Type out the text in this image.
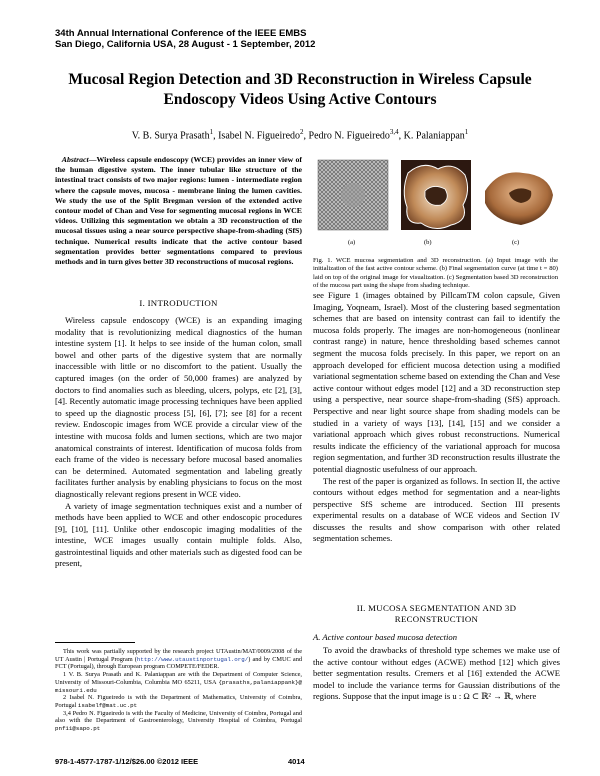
34th Annual International Conference of the IEEE EMBS
San Diego, California USA, 28 August - 1 September, 2012
Mucosal Region Detection and 3D Reconstruction in Wireless Capsule Endoscopy Videos Using Active Contours
V. B. Surya Prasath$^1$, Isabel N. Figueiredo$^2$, Pedro N. Figueiredo$^{3,4}$, K. Palaniappan$^1$
Abstract—Wireless capsule endoscopy (WCE) provides an inner view of the human digestive system. The inner tubular like structure of the intestinal tract consists of two major regions: lumen - intermediate region where the capsule moves, mucosa - membrane lining the lumen cavities. We study the use of the Split Bregman version of the extended active contour model of Chan and Vese for segmenting mucosal regions in WCE videos. Utilizing this segmentation we obtain a 3D reconstruction of the mucosal tissues using a near source perspective shape-from-shading (SfS) technique. Numerical results indicate that the active contour based segmentation provides better segmentations compared to previous methods and in turn gives better 3D reconstructions of mucosal regions.
I. INTRODUCTION

Wireless capsule endoscopy (WCE) is an expanding imaging modality that is revolutionizing medical diagnostics of the human intestine system [1]. It helps to see inside of the human colon, small bowel and other parts of the digestive system that are normally inaccessible with little or no discomfort to the patient. Usually the captured images (on the order of 50,000 frames) are analyzed by doctors to find anomalies such as bleeding, ulcers, polyps, etc [2], [3], [4]. Recently automatic image processing techniques have been applied to speed up the diagnostic process [5], [6], [7]; see [8] for a recent review. Endoscopic images from WCE provide a circular view of the intestine with mucosa folds and lumen sections, which are two major anatomical constraints of interest. Identification of mucosa folds from each frame of the video is necessary before mucosal based anomalies can be determined. Automated segmentation and labeling greatly facilitates further analysis by enabling physicians to focus on the most diagnostically relevant regions present in WCE video.

A variety of image segmentation techniques exist and a number of methods have been applied to WCE and other endoscopic procedures [9], [10], [11]. Unlike other endoscopic imaging modalities of the intestine, WCE images usually contain multiple folds. Also, gastrointestinal liquids and other materials such as digested food can be present,

This work was partially supported by the research project UTAustin/MAT/0009/2008 of the UT Austin | Portugal Program (http://www.utaustinportugal.org/) and by CMUC and FCT (Portugal), through European program COMPETE/FEDER.

1 V. B. Surya Prasath and K. Palaniappan are with the Department of Computer Science, University of Missouri-Columbia, Columbia MO 65211, USA {prasaths,palaniappank}@ missouri.edu

2 Isabel N. Figueiredo is with the Department of Mathematics, University of Coimbra, Portugal isabelf@mat.uc.pt

3,4 Pedro N. Figueiredo is with the Faculty of Medicine, University of Coimbra, Portugal and also with the Department of Gastroenterology, University Hospital of Coimbra, Portugal pnf11@sapo.pt

(a)	(b)	(c)
Fig. 1. WCE mucosa segmentation and 3D reconstruction. (a) Input image with the initialization of the fast active contour scheme. (b) Final segmentation curve (at time t = 80) laid on top of the original image for visualization. (c) Segmentation based 3D reconstruction of the mucosa part using the shape from shading technique.

see Figure 1 (images obtained by PillcamTM colon capsule, Given Imaging, Yoqneam, Israel). Most of the clustering based segmentation schemes that are based on intensity contrast can fail to identify the mucosa folds properly. The images are non-homogeneous (nonlinear contrast range) in nature, hence thresholding based schemes cannot segment the mucosa folds precisely. In this paper, we report on an approach developed for efficient mucosa detection using a modified variational segmentation scheme based on extending the Chan and Vese active contour without edges model [12] and a 3D reconstruction step using a perspective, near source shape-from-shading (SfS) approach. Perspective and near light source shape from shading models can be studied in a variety of ways [13], [14], [15] and we consider a variational approach which gives robust reconstructions. Numerical results indicate the efficiency of the variational approach for mucosa region segmentation, and further 3D reconstruction results illustrate the potential diagnostic usefulness of our approach.

The rest of the paper is organized as follows. In section II, the active contours without edges method for segmentation and a near-lights perspective SfS scheme are introduced. Section III presents experimental results on a database of WCE videos and Section IV discusses the results and show comparison with other related segmentation schemes.

II. MUCOSA SEGMENTATION AND 3D
RECONSTRUCTION
A. Active contour based mucosa detection

To avoid the drawbacks of threshold type schemes we make use of the active contour without edges (ACWE) method [12] which gives better segmentation results. Cremers et al [16] extended the ACWE model to include the variance terms for Gaussian distributions of the regions. Suppose that the input image is u : Ω ⊂ ℝ² → ℝ, where

978-1-4577-1787-1/12/$26.00 ©2012 IEEE	4014
